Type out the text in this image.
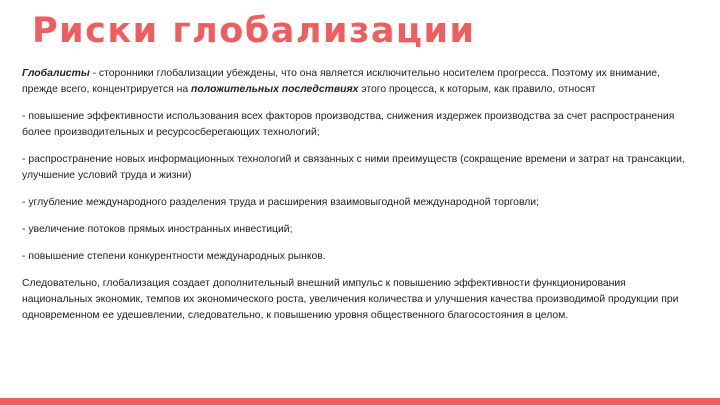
Риски глобализации

Глобалисты - сторонники глобализации убеждены, что она является исключительно носителем прогресса. Поэтому их внимание, прежде всего, концентрируется на положительных последствиях этого процесса, к которым, как правило, относят

- повышение эффективности использования всех факторов производства, снижения издержек производства за счет распространения более производительных и ресурсосберегающих технологий;

- распространение новых информационных технологий и связанных с ними преимуществ (сокращение времени и затрат на трансакции, улучшение условий труда и жизни)

- углубление международного разделения труда и расширения взаимовыгодной международной торговли;

- увеличение потоков прямых иностранных инвестиций;

- повышение степени конкурентности международных рынков.

Следовательно, глобализация создает дополнительный внешний импульс к повышению эффективности функционирования национальных экономик, темпов их экономического роста, увеличения количества и улучшения качества производимой продукции при одновременном ее удешевлении, следовательно, к повышению уровня общественного благосостояния в целом.
